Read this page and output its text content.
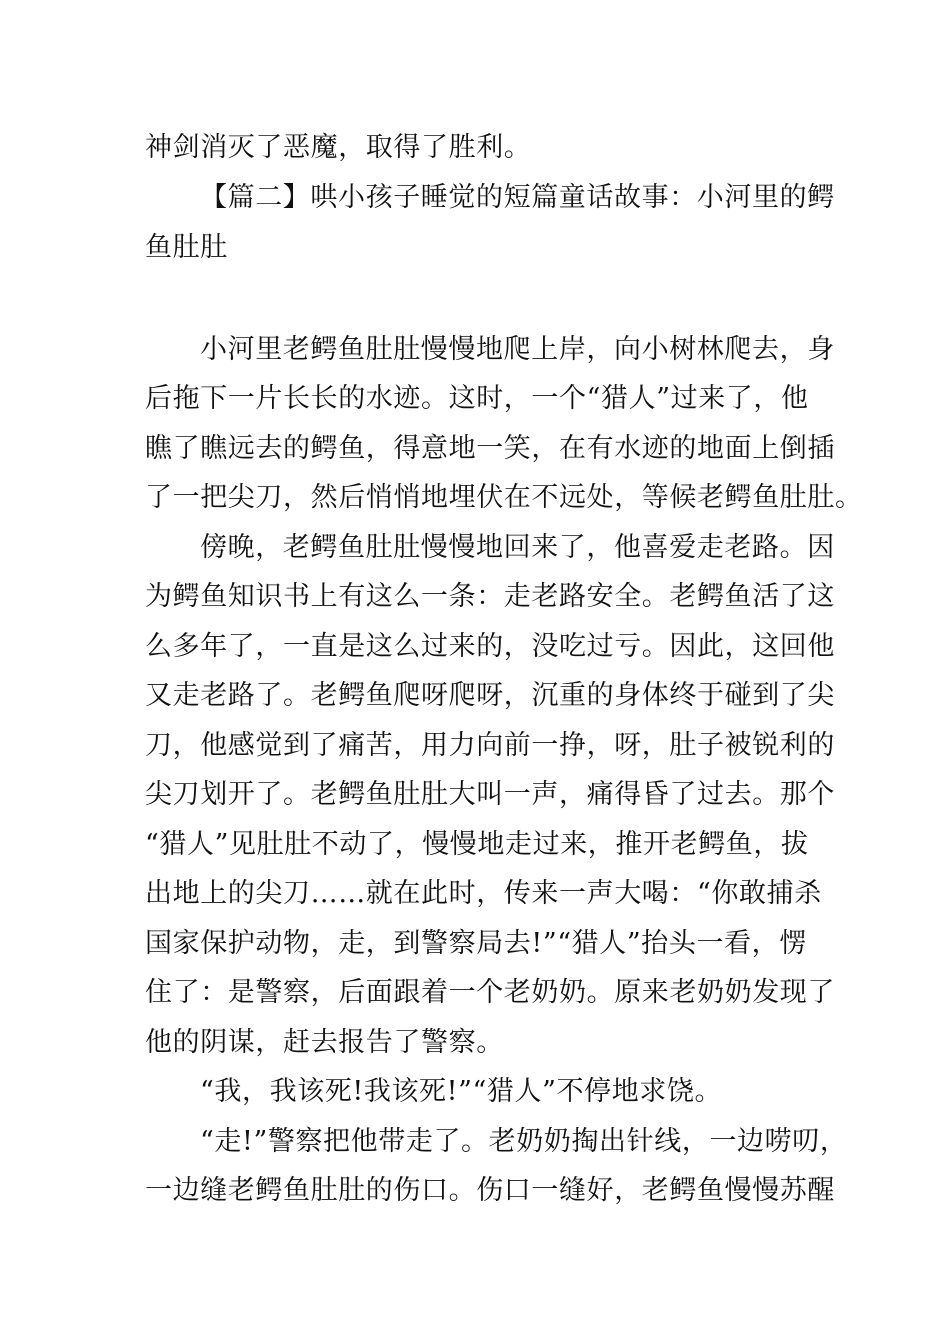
神剑消灭了恶魔，取得了胜利。
【篇二】哄小孩子睡觉的短篇童话故事：小河里的鳄
鱼肚肚
小河里老鳄鱼肚肚慢慢地爬上岸，向小树林爬去，身
后拖下一片长长的水迹。这时，一个“猎人”过来了，他
瞧了瞧远去的鳄鱼，得意地一笑，在有水迹的地面上倒插
了一把尖刀，然后悄悄地埋伏在不远处，等候老鳄鱼肚肚。
傍晚，老鳄鱼肚肚慢慢地回来了，他喜爱走老路。因
为鳄鱼知识书上有这么一条：走老路安全。老鳄鱼活了这
么多年了，一直是这么过来的，没吃过亏。因此，这回他
又走老路了。老鳄鱼爬呀爬呀，沉重的身体终于碰到了尖
刀，他感觉到了痛苦，用力向前一挣，呀，肚子被锐利的
尖刀划开了。老鳄鱼肚肚大叫一声，痛得昏了过去。那个
“猎人”见肚肚不动了，慢慢地走过来，推开老鳄鱼，拔
出地上的尖刀……就在此时，传来一声大喝：“你敢捕杀
国家保护动物，走，到警察局去!”“猎人”抬头一看，愣
住了：是警察，后面跟着一个老奶奶。原来老奶奶发现了
他的阴谋，赶去报告了警察。
“我，我该死!我该死!”“猎人”不停地求饶。
“走!”警察把他带走了。老奶奶掏出针线，一边唠叨，
一边缝老鳄鱼肚肚的伤口。伤口一缝好，老鳄鱼慢慢苏醒
